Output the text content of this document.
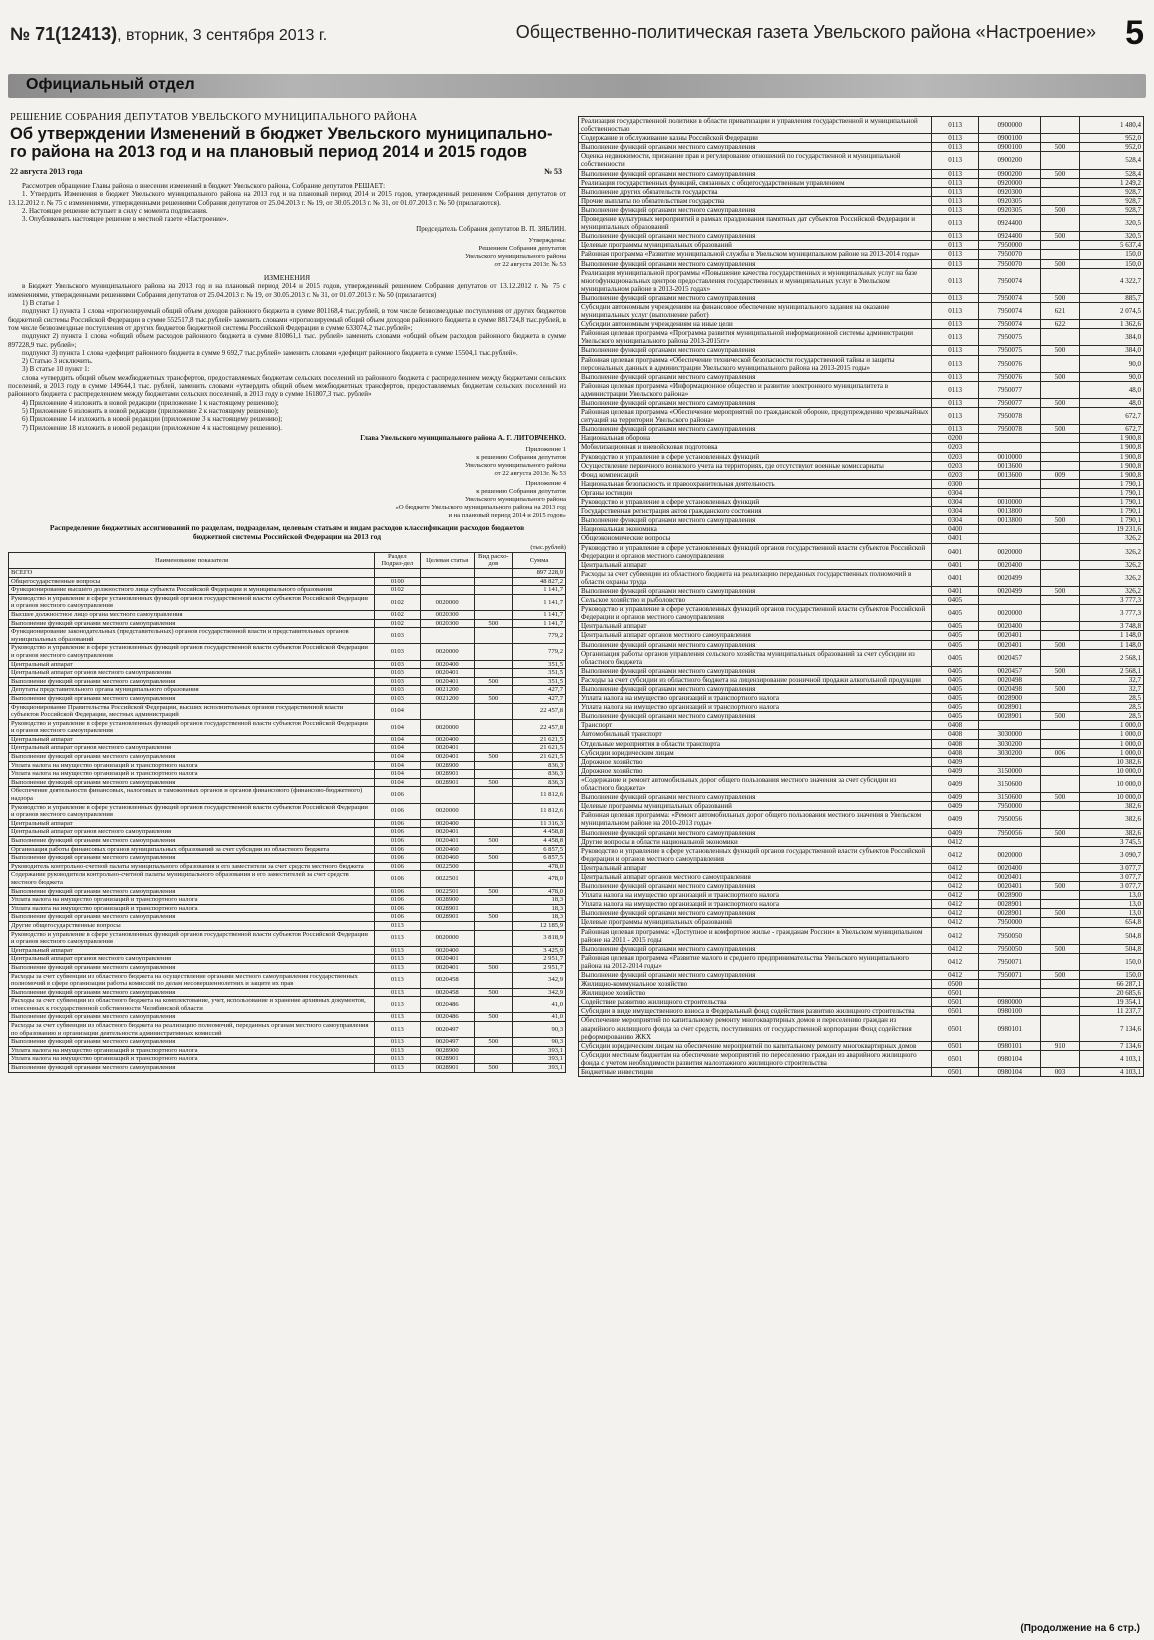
№ 71(12413), вторник, 3 сентября 2013 г.	Общественно-политическая газета Увельского района «Настроение» 5
Официальный отдел
РЕШЕНИЕ СОБРАНИЯ ДЕПУТАТОВ УВЕЛЬСКОГО МУНИЦИПАЛЬНОГО РАЙОНА
Об утверждении Изменений в бюджет Увельского муниципально-го района на 2013 год и на плановый период 2014 и 2015 годов
22 августа 2013 года	№ 53

Рассмотрев обращение Главы района о внесении изменений в бюджет Увельского района, Собрание депутатов РЕШАЕТ:

1. Утвердить Изменения в бюджет Увельского муниципального района на 2013 год и на плановый период 2014 и 2015 годов, утвержденный решением Собрания депутатов от 13.12.2012 г. № 75 с изменениями, утвержденными решениями Собрания депутатов от 25.04.2013 г. № 19, от 30.05.2013 г. № 31, от 01.07.2013 г. № 50 (прилагаются).
2. Настоящее решение вступает в силу с момента подписания.
3. Опубликовать настоящее решение в местной газете «Настроение».
Председатель Собрания депутатов В. П. ЗЯБЛИН.
Утверждены:
Решением Собрания депутатов
Увельского муниципального района
от 22 августа 2013г. № 53
ИЗМЕНЕНИЯ

в Бюджет Увельского муниципального района на 2013 год и на плановый период 2014 и 2015 годов, утвержденный решением Собрания депутатов от 13.12.2012 г. № 75 с изменениями, утвержденными решениями Собрания депутатов от 25.04.2013 г. № 19, от 30.05.2013 г. № 31, от 01.07.2013 г. № 50 (прилагается)

1) В статье 1
подпункт 1) пункта 1 слова «прогнозируемый общий объем доходов районного бюджета в сумме 801168,4 тыс.рублей, в том числе безвозмездные поступления от других бюджетов бюджетной системы Российской Федерации в сумме 552517,8 тыс.рублей» заменить словами «прогнозируемый общий объем доходов районного бюджета в сумме 881724,8 тыс.рублей, в том числе безвозмездные поступления от других бюджетов бюджетной системы Российской Федерации в сумме 633074,2 тыс.рублей»;
подпункт 2) пункта 1 слова «общий объем расходов районного бюджета в сумме 810861,1 тыс. рублей» заменить словами «общий объем расходов районного бюджета в сумме 897228,9 тыс. рублей»;
подпункт 3) пункта 1 слова «дефицит районного бюджета в сумме 9 692,7 тыс.рублей» заменить словами «дефицит районного бюджета в сумме 15504,1 тыс.рублей».
2) Статью 3 исключить.
3) В статье 10 пункт 1:
слова «утвердить общий объем межбюджетных трансфертов, предоставляемых бюджетам сельских поселений из районного бюджета с распределением между бюджетами сельских поселений, в 2013 году в сумме 149644,1 тыс. рублей, заменить словами «утвердить общий объем межбюджетных трансфертов, предоставляемых бюджетам сельских поселений из районного бюджета с распределением между бюджетами сельских поселений, в 2013 году в сумме 161807,3 тыс. рублей»
4) Приложение 4 изложить в новой редакции (приложение 1 к настоящему решению);
5) Приложение 6 изложить в новой редакции (приложение 2 к настоящему решению);
6) Приложение 14 изложить в новой редакции (приложение 3 к настоящему решению);
7) Приложение 18 изложить в новой редакции (приложение 4 к настоящему решению).
Глава Увельского муниципального района А. Г. ЛИТОВЧЕНКО.
Приложение 1
к решению Собрания депутатов
Увельского муниципального района
от 22 августа 2013г. № 53
Приложение 4
к решению Собрания депутатов
Увельского муниципального района
«О бюджете Увельского муниципального района на 2013 год
и на плановый период 2014 и 2015 годов»
Распределение бюджетных ассигнований по разделам, подразделам, целевым статьям и видам расходов классификации расходов бюджетов бюджетной системы Российской Федерации на 2013 год
(тыс.рублей)
Наименование показателя	Раздел Подраз-дел	Целевая статья	Вид расхо-дов	Сумма
ВСЕГО				897 228,9
Общегосударственные вопросы	0100			48 827,2
Функционирование высшего должностного лица субъекта Российской Федерации и муниципального образования	0102			1 141,7
Руководство и управление в сфере установленных функций органов государственной власти субъектов Российской Федерации и органов местного самоуправления	0102	0020000		1 141,7
Высшее должностное лицо органа местного самоуправления	0102	0020300		1 141,7
Выполнение функций органами местного самоуправления	0102	0020300	500	1 141,7
Функционирование законодательных (представительных) органов государственной власти и представительных органов муниципальных образований	0103			779,2
Руководство и управление в сфере установленных функций органов государственной власти субъектов Российской Федерации и органов местного самоуправления	0103	0020000		779,2
Центральный аппарат	0103	0020400		351,5
Центральный аппарат органов местного самоуправления	0103	0020401		351,5
Выполнение функций органами местного самоуправления	0103	0020401	500	351,5
Депутаты представительного органа муниципального образования	0103	0021200		427,7
Выполнение функций органами местного самоуправления	0103	0021200	500	427,7
Функционирование Правительства Российской Федерации, высших исполнительных органов государственной власти субъектов Российской Федерации, местных администраций	0104			22 457,8
Руководство и управление в сфере установленных функций органов государственной власти субъектов Российской Федерации и органов местного самоуправления	0104	0020000		22 457,8
Центральный аппарат	0104	0020400		21 621,5
Центральный аппарат органов местного самоуправления	0104	0020401		21 621,5
Выполнение функций органами местного самоуправления	0104	0020401	500	21 621,5
Уплата налога на имущество организаций и транспортного налога	0104	0028900		836,3
Уплата налога на имущество организаций и транспортного налога	0104	0028901		836,3
Выполнение функций органами местного самоуправления	0104	0028901	500	836,3
Обеспечение деятельности финансовых, налоговых и таможенных органов и органов финансового (финансово-бюджетного) надзора	0106			11 812,6
Руководство и управление в сфере установленных функций органов государственной власти субъектов Российской Федерации и органов местного самоуправления	0106	0020000		11 812,6
Центральный аппарат	0106	0020400		11 316,3
Центральный аппарат органов местного самоуправления	0106	0020401		4 458,8
Выполнение функций органами местного самоуправления	0106	0020401	500	4 458,8
Организация работы финансовых органов муниципальных образований за счет субсидии из областного бюджета	0106	0020460		6 857,5
Выполнение функций органами местного самоуправления	0106	0020460	500	6 857,5
Руководитель контрольно-счетной палаты муниципального образования и его заместители за счет средств местного бюджета	0106	0022500		478,0
Содержание руководителя контрольно-счетной палаты муниципального образования и его заместителей за счет средств местного бюджета	0106	0022501		478,0
Выполнение функций органами местного самоуправления	0106	0022501	500	478,0
Уплата налога на имущество организаций и транспортного налога	0106	0028900		18,3
Уплата налога на имущество организаций и транспортного налога	0106	0028901		18,3
Выполнение функций органами местного самоуправления	0106	0028901	500	18,3
Другие общегосударственные вопросы	0113			12 185,9
Руководство и управление в сфере установленных функций органов государственной власти субъектов Российской Федерации и органов местного самоуправления	0113	0020000		3 818,9
Центральный аппарат	0113	0020400		3 425,9
Центральный аппарат органов местного самоуправления	0113	0020401		2 951,7
Выполнение функций органами местного самоуправления	0113	0020401	500	2 951,7
Расходы за счет субвенции из областного бюджета на осуществление органами местного самоуправления государственных полномочий в сфере организации работы комиссий по делам несовершеннолетних и защите их прав	0113	0020458		342,9
Выполнение функций органами местного самоуправления	0113	0020458	500	342,9
Расходы за счет субвенции из областного бюджета на комплектование, учет, использование и хранение архивных документов, отнесенных к государственной собственности Челябинской области	0113	0020486		41,0
Выполнение функций органами местного самоуправления	0113	0020486	500	41,0
Расходы за счет субвенции из областного бюджета на реализацию полномочий, переданных органам местного самоуправления по образованию и организации деятельности административных комиссий	0113	0020497		90,3
Выполнение функций органами местного самоуправления	0113	0020497	500	90,3
Уплата налога на имущество организаций и транспортного налога	0113	0028900		393,1
Уплата налога на имущество организаций и транспортного налога	0113	0028901		393,1
Выполнение функций органами местного самоуправления	0113	0028901	500	393,1
Реализация государственной политики в области приватизации и управления государственной и муниципальной собственностью	0113	0900000		1 480,4
Содержание и обслуживание казны Российской Федерации	0113	0900100		952,0
Выполнение функций органами местного самоуправления	0113	0900100	500	952,0
Оценка недвижимости, признание прав и регулирование отношений по государственной и муниципальной собственности	0113	0900200		528,4
Выполнение функций органами местного самоуправления	0113	0900200	500	528,4
Реализация государственных функций, связанных с общегосударственным управлением	0113	0920000		1 249,2
Выполнение других обязательств государства	0113	0920300		928,7
Прочие выплаты по обязательствам государства	0113	0920305		928,7
Выполнение функций органами местного самоуправления	0113	0920305	500	928,7
Проведение культурных мероприятий в рамках празднования памятных дат субъектов Российской Федерации и муниципальных образований	0113	0924400		320,5
Выполнение функций органами местного самоуправления	0113	0924400	500	320,5
Целевые программы муниципальных образований	0113	7950000		5 637,4
Районная программа «Развитие муниципальной службы в Увельском муниципальном районе на 2013-2014 годы»	0113	7950070		150,0
Выполнение функций органами местного самоуправления	0113	7950070	500	150,0
Реализация муниципальной программы «Повышение качества государственных и муниципальных услуг на базе многофункциональных центров предоставления государственных и муниципальных услуг в Увельском муниципальном районе в 2013-2015 годах»	0113	7950074		4 322,7
Выполнение функций органами местного самоуправления	0113	7950074	500	885,7
Субсидии автономным учреждениям на финансовое обеспечение муниципального задания на оказание муниципальных услуг (выполнение работ)	0113	7950074	621	2 074,5
Субсидии автономным учреждениям на иные цели	0113	7950074	622	1 362,6
Районная целевая программа «Программа развития муниципальной информационной системы администрации Увельского муниципального района 2013-2015гг»	0113	7950075		384,0
Выполнение функций органами местного самоуправления	0113	7950075	500	384,0
Районная целевая программа «Обеспечение технической безопасности государственной тайны и защиты персональных данных в администрации Увельского муниципального района на 2013-2015 годы»	0113	7950076		90,0
Выполнение функций органами местного самоуправления	0113	7950076	500	90,0
Районная целевая программа «Информационное общество и развитие электронного муниципалитета в администрации Увельского района»	0113	7950077		48,0
Выполнение функций органами местного самоуправления	0113	7950077	500	48,0
Районная целевая программа «Обеспечение мероприятий по гражданской обороне, предупреждению чрезвычайных ситуаций на территории Увельского района»	0113	7950078		672,7
Выполнение функций органами местного самоуправления	0113	7950078	500	672,7
Национальная оборона	0200			1 900,8
Мобилизационная и вневойсковая подготовка	0203			1 900,8
Руководство и управление в сфере установленных функций	0203	0010000		1 900,8
Осуществление первичного воинского учета на территориях, где отсутствуют военные комиссариаты	0203	0013600		1 900,8
Фонд компенсаций	0203	0013600	009	1 900,8
Национальная безопасность и правоохранительная деятельность	0300			1 790,1
Органы юстиции	0304			1 790,1
Руководство и управление в сфере установленных функций	0304	0010000		1 790,1
Государственная регистрация актов гражданского состояния	0304	0013800		1 790,1
Выполнение функций органами местного самоуправления	0304	0013800	500	1 790,1
Национальная экономика	0400			19 231,6
Общеэкономические вопросы	0401			326,2
Руководство и управление в сфере установленных функций органов государственной власти субъектов Российской Федерации и органов местного самоуправления	0401	0020000		326,2
Центральный аппарат	0401	0020400		326,2
Расходы за счет субвенции из областного бюджета на реализацию переданных государственных полномочий в области охраны труда	0401	0020499		326,2
Выполнение функций органами местного самоуправления	0401	0020499	500	326,2
Сельское хозяйство и рыболовство	0405			3 777,3
Руководство и управление в сфере установленных функций органов государственной власти субъектов Российской Федерации и органов местного самоуправления	0405	0020000		3 777,3
Центральный аппарат	0405	0020400		3 748,8
Центральный аппарат органов местного самоуправления	0405	0020401		1 148,0
Выполнение функций органами местного самоуправления	0405	0020401	500	1 148,0
Организация работы органов управления сельского хозяйства муниципальных образований за счет субсидии из областного бюджета	0405	0020457		2 568,1
Выполнение функций органами местного самоуправления	0405	0020457	500	2 568,1
Расходы за счет субсидии из областного бюджета на лицензирование розничной продажи алкогольной продукции	0405	0020498		32,7
Выполнение функций органами местного самоуправления	0405	0020498	500	32,7
Уплата налога на имущество организаций и транспортного налога	0405	0028900		28,5
Уплата налога на имущество организаций и транспортного налога	0405	0028901		28,5
Выполнение функций органами местного самоуправления	0405	0028901	500	28,5
Транспорт	0408			1 000,0
Автомобильный транспорт	0408	3030000		1 000,0
Отдельные мероприятия в области транспорта	0408	3030200		1 000,0
Субсидии юридическим лицам	0408	3030200	006	1 000,0
Дорожное хозяйство	0409			10 382,6
Дорожное хозяйство	0409	3150000		10 000,0
«Содержание и ремонт автомобильных дорог общего пользования местного значения за счет субсидии из областного бюджета»	0409	3150600		10 000,0
Выполнение функций органами местного самоуправления	0409	3150600	500	10 000,0
Целевые программы муниципальных образований	0409	7950000		382,6
Районная целевая программа: «Ремонт автомобильных дорог общего пользования местного значения в Увельском муниципальном районе на 2010-2013 годы»	0409	7950056		382,6
Выполнение функций органами местного самоуправления	0409	7950056	500	382,6
Другие вопросы в области национальной экономики	0412			3 745,5
Руководство и управление в сфере установленных функций органов государственной власти субъектов Российской Федерации и органов местного самоуправления	0412	0020000		3 090,7
Центральный аппарат	0412	0020400		3 077,7
Центральный аппарат органов местного самоуправления	0412	0020401		3 077,7
Выполнение функций органами местного самоуправления	0412	0020401	500	3 077,7
Уплата налога на имущество организаций и транспортного налога	0412	0028900		13,0
Уплата налога на имущество организаций и транспортного налога	0412	0028901		13,0
Выполнение функций органами местного самоуправления	0412	0028901	500	13,0
Целевые программы муниципальных образований	0412	7950000		654,8
Районная целевая программа: «Доступное и комфортное жилье - гражданам России» в Увельском муниципальном районе на 2011 - 2015 годы	0412	7950050		504,8
Выполнение функций органами местного самоуправления	0412	7950050	500	504,8
Районная целевая программа «Развитие малого и среднего предпринимательства Увельского муниципального района на 2012-2014 годы»	0412	7950071		150,0
Выполнение функций органами местного самоуправления	0412	7950071	500	150,0
Жилищно-коммунальное хозяйство	0500			66 287,1
Жилищное хозяйство	0501			20 685,6
Содействие развитию жилищного строительства	0501	0980000		19 354,1
Субсидии в виде имущественного взноса в Федеральный фонд содействия развитию жилищного строительства	0501	0980100		11 237,7
Обеспечение мероприятий по капитальному ремонту многоквартирных домов и переселению граждан из аварийного жилищного фонда за счет средств, поступивших от государственной корпорации Фонд содействия реформированию ЖКХ	0501	0980101		7 134,6
Субсидии юридическим лицам на обеспечение мероприятий по капитальному ремонту многоквартирных домов	0501	0980101	910	7 134,6
Субсидии местным бюджетам на обеспечение мероприятий по переселению граждан из аварийного жилищного фонда с учетом необходимости развития малоэтажного жилищного строительства	0501	0980104		4 103,1
Бюджетные инвестиции	0501	0980104	003	4 103,1
(Продолжение на 6 стр.)
